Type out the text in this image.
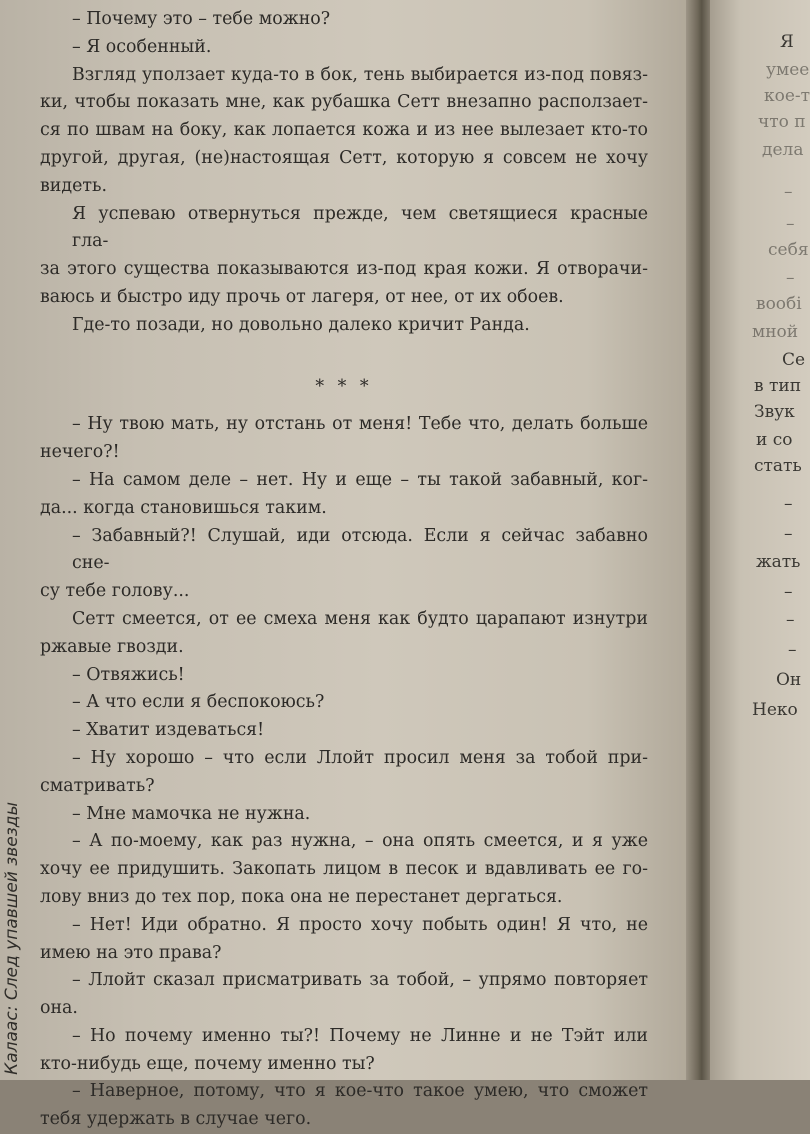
– Почему это – тебе можно?

– Я особенный.

Взгляд уползает куда-то в бок, тень выбирается из-под повяз-
ки, чтобы показать мне, как рубашка Сетт внезапно расползает-
ся по швам на боку, как лопается кожа и из нее вылезает кто-то
другой, другая, (не)настоящая Сетт, которую я совсем не хочу
видеть.

Я успеваю отвернуться прежде, чем светящиеся красные гла-
за этого существа показываются из-под края кожи. Я отворачи-
ваюсь и быстро иду прочь от лагеря, от нее, от их обоев.

Где-то позади, но довольно далеко кричит Ранда.

* * *

– Ну твою мать, ну отстань от меня! Тебе что, делать больше
нечего?!

– На самом деле – нет. Ну и еще – ты такой забавный, ког-
да... когда становишься таким.

– Забавный?! Слушай, иди отсюда. Если я сейчас забавно сне-
су тебе голову...

Сетт смеется, от ее смеха меня как будто царапают изнутри
ржавые гвозди.

– Отвяжись!

– А что если я беспокоюсь?

– Хватит издеваться!

– Ну хорошо – что если Ллойт просил меня за тобой при-
сматривать?

– Мне мамочка не нужна.

– А по-моему, как раз нужна, – она опять смеется, и я уже
хочу ее придушить. Закопать лицом в песок и вдавливать ее го-
лову вниз до тех пор, пока она не перестанет дергаться.

– Нет! Иди обратно. Я просто хочу побыть один! Я что, не
имею на это права?

– Ллойт сказал присматривать за тобой, – упрямо повторяет
она.

– Но почему именно ты?! Почему не Линне и не Тэйт или
кто-нибудь еще, почему именно ты?

– Наверное, потому, что я кое-что такое умею, что сможет
тебя удержать в случае чего.

Калаас: След упавшей звезды
Я
умее
кое-т
что п
дела
–
–
себя
–
вообі
мной
Се
в тип
Звук
и со
стать
–
–
жать
–
–
–
Он
Неко
